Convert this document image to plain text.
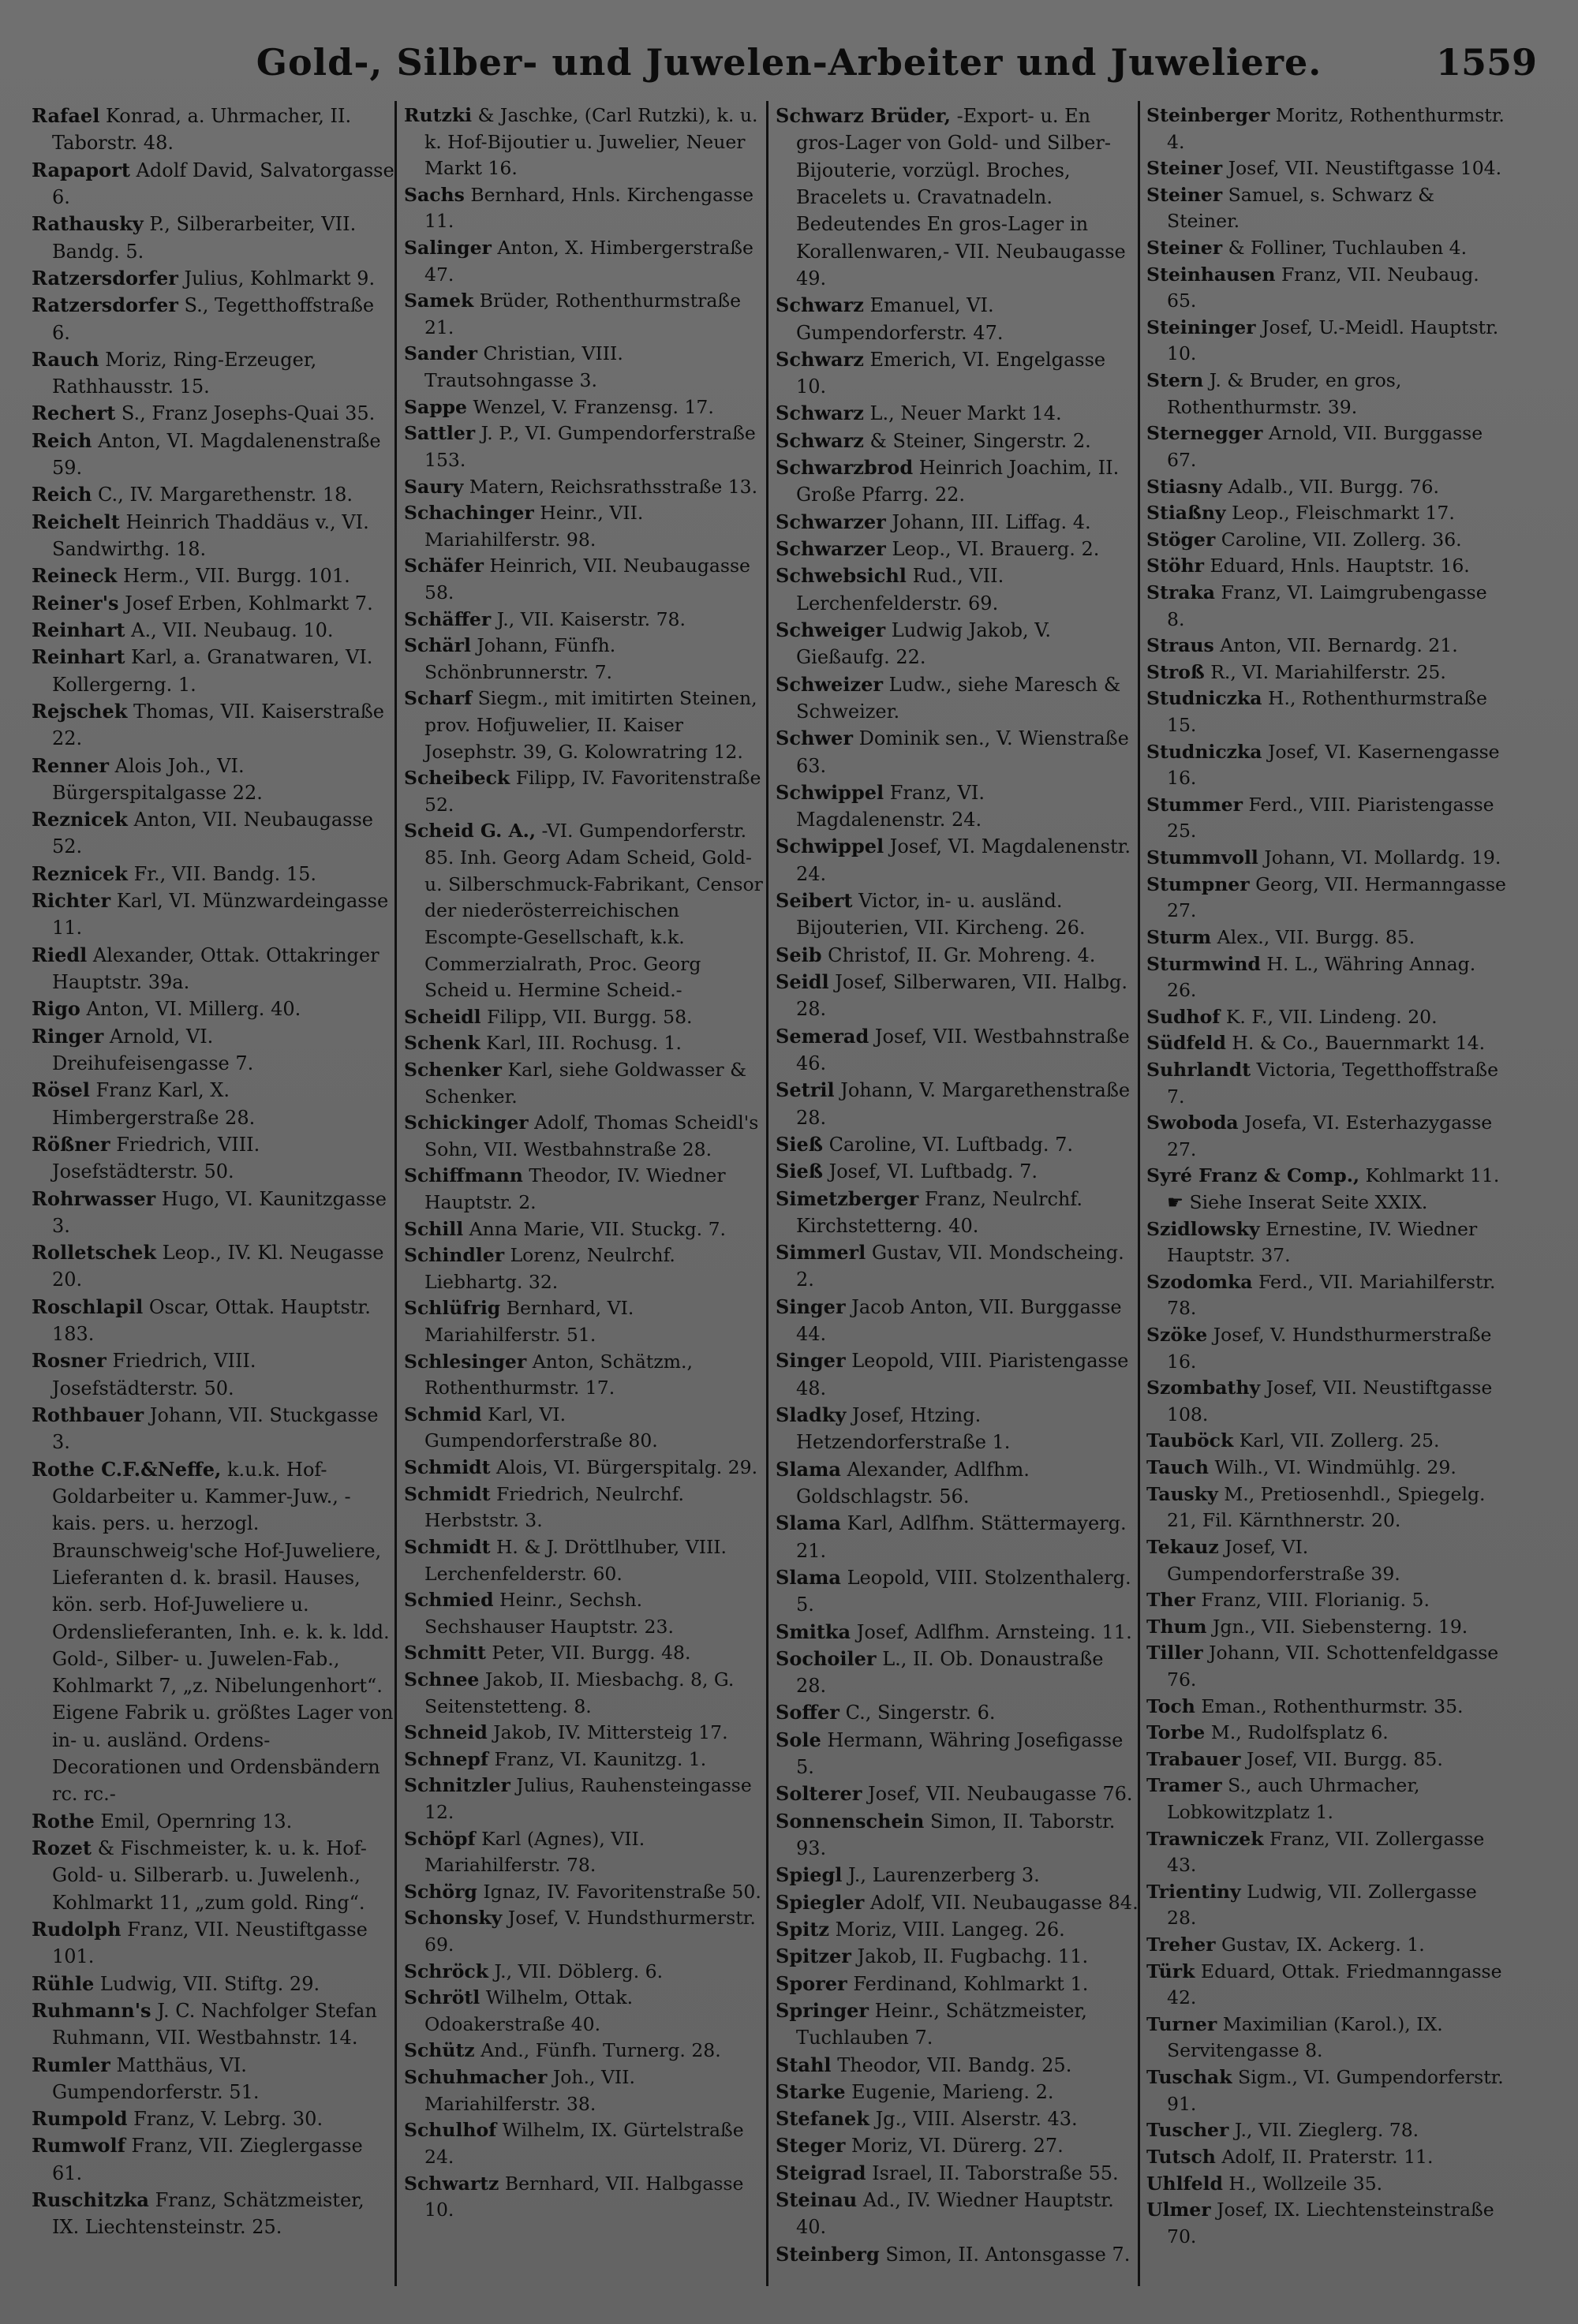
Gold-, Silber- und Juwelen-Arbeiter und Juweliere.	1559

Rafael Konrad, a. Uhrmacher, II. Taborstr. 48.

Rapaport Adolf David, Salvatorgasse 6.

Rathausky P., Silberarbeiter, VII. Bandg. 5.

Ratzersdorfer Julius, Kohlmarkt 9.

Ratzersdorfer S., Tegetthoffstraße 6.

Rauch Moriz, Ring-Erzeuger, Rathhausstr. 15.

Rechert S., Franz Josephs-Quai 35.

Reich Anton, VI. Magdalenenstraße 59.

Reich C., IV. Margarethenstr. 18.

Reichelt Heinrich Thaddäus v., VI. Sandwirthg. 18.

Reineck Herm., VII. Burgg. 101.

Reiner's Josef Erben, Kohlmarkt 7.

Reinhart A., VII. Neubaug. 10.

Reinhart Karl, a. Granatwaren, VI. Kollergerng. 1.

Rejschek Thomas, VII. Kaiserstraße 22.

Renner Alois Joh., VI. Bürgerspitalgasse 22.

Reznicek Anton, VII. Neubaugasse 52.

Reznicek Fr., VII. Bandg. 15.

Richter Karl, VI. Münzwardeingasse 11.

Riedl Alexander, Ottak. Ottakringer Hauptstr. 39a.

Rigo Anton, VI. Millerg. 40.

Ringer Arnold, VI. Dreihufeisengasse 7.

Rösel Franz Karl, X. Himbergerstraße 28.

Rößner Friedrich, VIII. Josefstädterstr. 50.

Rohrwasser Hugo, VI. Kaunitzgasse 3.

Rolletschek Leop., IV. Kl. Neugasse 20.

Roschlapil Oscar, Ottak. Hauptstr. 183.

Rosner Friedrich, VIII. Josefstädterstr. 50.

Rothbauer Johann, VII. Stuckgasse 3.

Rothe C.F.&Neffe, k.u.k. Hof-Goldarbeiter u. Kammer-Juw., -kais. pers. u. herzogl. Braunschweig'sche Hof-Juweliere, Lieferanten d. k. brasil. Hauses, kön. serb. Hof-Juweliere u. Ordenslieferanten, Inh. e. k. k. ldd. Gold-, Silber- u. Juwelen-Fab., Kohlmarkt 7, „z. Nibelungenhort“. Eigene Fabrik u. größtes Lager von in- u. ausländ. Ordens-Decorationen und Ordensbändern rc. rc.-

Rothe Emil, Opernring 13.

Rozet & Fischmeister, k. u. k. Hof-Gold- u. Silberarb. u. Juwelenh., Kohlmarkt 11, „zum gold. Ring“.

Rudolph Franz, VII. Neustiftgasse 101.

Rühle Ludwig, VII. Stiftg. 29.

Ruhmann's J. C. Nachfolger Stefan Ruhmann, VII. Westbahnstr. 14.

Rumler Matthäus, VI. Gumpendorferstr. 51.

Rumpold Franz, V. Lebrg. 30.

Rumwolf Franz, VII. Zieglergasse 61.

Ruschitzka Franz, Schätzmeister, IX. Liechtensteinstr. 25.

Rutzki & Jaschke, (Carl Rutzki), k. u. k. Hof-Bijoutier u. Juwelier, Neuer Markt 16.

Sachs Bernhard, Hnls. Kirchengasse 11.

Salinger Anton, X. Himbergerstraße 47.

Samek Brüder, Rothenthurmstraße 21.

Sander Christian, VIII. Trautsohngasse 3.

Sappe Wenzel, V. Franzensg. 17.

Sattler J. P., VI. Gumpendorferstraße 153.

Saury Matern, Reichsrathsstraße 13.

Schachinger Heinr., VII. Mariahilferstr. 98.

Schäfer Heinrich, VII. Neubaugasse 58.

Schäffer J., VII. Kaiserstr. 78.

Schärl Johann, Fünfh. Schönbrunnerstr. 7.

Scharf Siegm., mit imitirten Steinen, prov. Hofjuwelier, II. Kaiser Josephstr. 39, G. Kolowratring 12.

Scheibeck Filipp, IV. Favoritenstraße 52.

Scheid G. A., -VI. Gumpendorferstr. 85. Inh. Georg Adam Scheid, Gold- u. Silberschmuck-Fabrikant, Censor der niederösterreichischen Escompte-Gesellschaft, k.k. Commerzialrath, Proc. Georg Scheid u. Hermine Scheid.-

Scheidl Filipp, VII. Burgg. 58.

Schenk Karl, III. Rochusg. 1.

Schenker Karl, siehe Goldwasser & Schenker.

Schickinger Adolf, Thomas Scheidl's Sohn, VII. Westbahnstraße 28.

Schiffmann Theodor, IV. Wiedner Hauptstr. 2.

Schill Anna Marie, VII. Stuckg. 7.

Schindler Lorenz, Neulrchf. Liebhartg. 32.

Schlüfrig Bernhard, VI. Mariahilferstr. 51.

Schlesinger Anton, Schätzm., Rothenthurmstr. 17.

Schmid Karl, VI. Gumpendorferstraße 80.

Schmidt Alois, VI. Bürgerspitalg. 29.

Schmidt Friedrich, Neulrchf. Herbststr. 3.

Schmidt H. & J. Dröttlhuber, VIII. Lerchenfelderstr. 60.

Schmied Heinr., Sechsh. Sechshauser Hauptstr. 23.

Schmitt Peter, VII. Burgg. 48.

Schnee Jakob, II. Miesbachg. 8, G. Seitenstetteng. 8.

Schneid Jakob, IV. Mittersteig 17.

Schnepf Franz, VI. Kaunitzg. 1.

Schnitzler Julius, Rauhensteingasse 12.

Schöpf Karl (Agnes), VII. Mariahilferstr. 78.

Schörg Ignaz, IV. Favoritenstraße 50.

Schonsky Josef, V. Hundsthurmerstr. 69.

Schröck J., VII. Döblerg. 6.

Schrötl Wilhelm, Ottak. Odoakerstraße 40.

Schütz And., Fünfh. Turnerg. 28.

Schuhmacher Joh., VII. Mariahilferstr. 38.

Schulhof Wilhelm, IX. Gürtelstraße 24.

Schwartz Bernhard, VII. Halbgasse 10.

Schwarz Brüder, -Export- u. En gros-Lager von Gold- und Silber-Bijouterie, vorzügl. Broches, Bracelets u. Cravatnadeln. Bedeutendes En gros-Lager in Korallenwaren,- VII. Neubaugasse 49.

Schwarz Emanuel, VI. Gumpendorferstr. 47.

Schwarz Emerich, VI. Engelgasse 10.

Schwarz L., Neuer Markt 14.

Schwarz & Steiner, Singerstr. 2.

Schwarzbrod Heinrich Joachim, II. Große Pfarrg. 22.

Schwarzer Johann, III. Liffag. 4.

Schwarzer Leop., VI. Brauerg. 2.

Schwebsichl Rud., VII. Lerchenfelderstr. 69.

Schweiger Ludwig Jakob, V. Gießaufg. 22.

Schweizer Ludw., siehe Maresch & Schweizer.

Schwer Dominik sen., V. Wienstraße 63.

Schwippel Franz, VI. Magdalenenstr. 24.

Schwippel Josef, VI. Magdalenenstr. 24.

Seibert Victor, in- u. ausländ. Bijouterien, VII. Kircheng. 26.

Seib Christof, II. Gr. Mohreng. 4.

Seidl Josef, Silberwaren, VII. Halbg. 28.

Semerad Josef, VII. Westbahnstraße 46.

Setril Johann, V. Margarethenstraße 28.

Sieß Caroline, VI. Luftbadg. 7.

Sieß Josef, VI. Luftbadg. 7.

Simetzberger Franz, Neulrchf. Kirchstetterng. 40.

Simmerl Gustav, VII. Mondscheing. 2.

Singer Jacob Anton, VII. Burggasse 44.

Singer Leopold, VIII. Piaristengasse 48.

Sladky Josef, Htzing. Hetzendorferstraße 1.

Slama Alexander, Adlfhm. Goldschlagstr. 56.

Slama Karl, Adlfhm. Stättermayerg. 21.

Slama Leopold, VIII. Stolzenthalerg. 5.

Smitka Josef, Adlfhm. Arnsteing. 11.

Sochoiler L., II. Ob. Donaustraße 28.

Soffer C., Singerstr. 6.

Sole Hermann, Währing Josefigasse 5.

Solterer Josef, VII. Neubaugasse 76.

Sonnenschein Simon, II. Taborstr. 93.

Spiegl J., Laurenzerberg 3.

Spiegler Adolf, VII. Neubaugasse 84.

Spitz Moriz, VIII. Langeg. 26.

Spitzer Jakob, II. Fugbachg. 11.

Sporer Ferdinand, Kohlmarkt 1.

Springer Heinr., Schätzmeister, Tuchlauben 7.

Stahl Theodor, VII. Bandg. 25.

Starke Eugenie, Marieng. 2.

Stefanek Jg., VIII. Alserstr. 43.

Steger Moriz, VI. Dürerg. 27.

Steigrad Israel, II. Taborstraße 55.

Steinau Ad., IV. Wiedner Hauptstr. 40.

Steinberg Simon, II. Antonsgasse 7.

Steinberger Moritz, Rothenthurmstr. 4.

Steiner Josef, VII. Neustiftgasse 104.

Steiner Samuel, s. Schwarz & Steiner.

Steiner & Folliner, Tuchlauben 4.

Steinhausen Franz, VII. Neubaug. 65.

Steininger Josef, U.-Meidl. Hauptstr. 10.

Stern J. & Bruder, en gros, Rothenthurmstr. 39.

Sternegger Arnold, VII. Burggasse 67.

Stiasny Adalb., VII. Burgg. 76.

Stiaßny Leop., Fleischmarkt 17.

Stöger Caroline, VII. Zollerg. 36.

Stöhr Eduard, Hnls. Hauptstr. 16.

Straka Franz, VI. Laimgrubengasse 8.

Straus Anton, VII. Bernardg. 21.

Stroß R., VI. Mariahilferstr. 25.

Studniczka H., Rothenthurmstraße 15.

Studniczka Josef, VI. Kasernengasse 16.

Stummer Ferd., VIII. Piaristengasse 25.

Stummvoll Johann, VI. Mollardg. 19.

Stumpner Georg, VII. Hermanngasse 27.

Sturm Alex., VII. Burgg. 85.

Sturmwind H. L., Währing Annag. 26.

Sudhof K. F., VII. Lindeng. 20.

Südfeld H. & Co., Bauernmarkt 14.

Suhrlandt Victoria, Tegetthoffstraße 7.

Swoboda Josefa, VI. Esterhazygasse 27.

Syré Franz & Comp., Kohlmarkt 11. ☛ Siehe Inserat Seite XXIX.

Szidlowsky Ernestine, IV. Wiedner Hauptstr. 37.

Szodomka Ferd., VII. Mariahilferstr. 78.

Szöke Josef, V. Hundsthurmerstraße 16.

Szombathy Josef, VII. Neustiftgasse 108.

Tauböck Karl, VII. Zollerg. 25.

Tauch Wilh., VI. Windmühlg. 29.

Tausky M., Pretiosenhdl., Spiegelg. 21, Fil. Kärnthnerstr. 20.

Tekauz Josef, VI. Gumpendorferstraße 39.

Ther Franz, VIII. Florianig. 5.

Thum Jgn., VII. Siebensterng. 19.

Tiller Johann, VII. Schottenfeldgasse 76.

Toch Eman., Rothenthurmstr. 35.

Torbe M., Rudolfsplatz 6.

Trabauer Josef, VII. Burgg. 85.

Tramer S., auch Uhrmacher, Lobkowitzplatz 1.

Trawniczek Franz, VII. Zollergasse 43.

Trientiny Ludwig, VII. Zollergasse 28.

Treher Gustav, IX. Ackerg. 1.

Türk Eduard, Ottak. Friedmanngasse 42.

Turner Maximilian (Karol.), IX. Servitengasse 8.

Tuschak Sigm., VI. Gumpendorferstr. 91.

Tuscher J., VII. Zieglerg. 78.

Tutsch Adolf, II. Praterstr. 11.

Uhlfeld H., Wollzeile 35.

Ulmer Josef, IX. Liechtensteinstraße 70.
